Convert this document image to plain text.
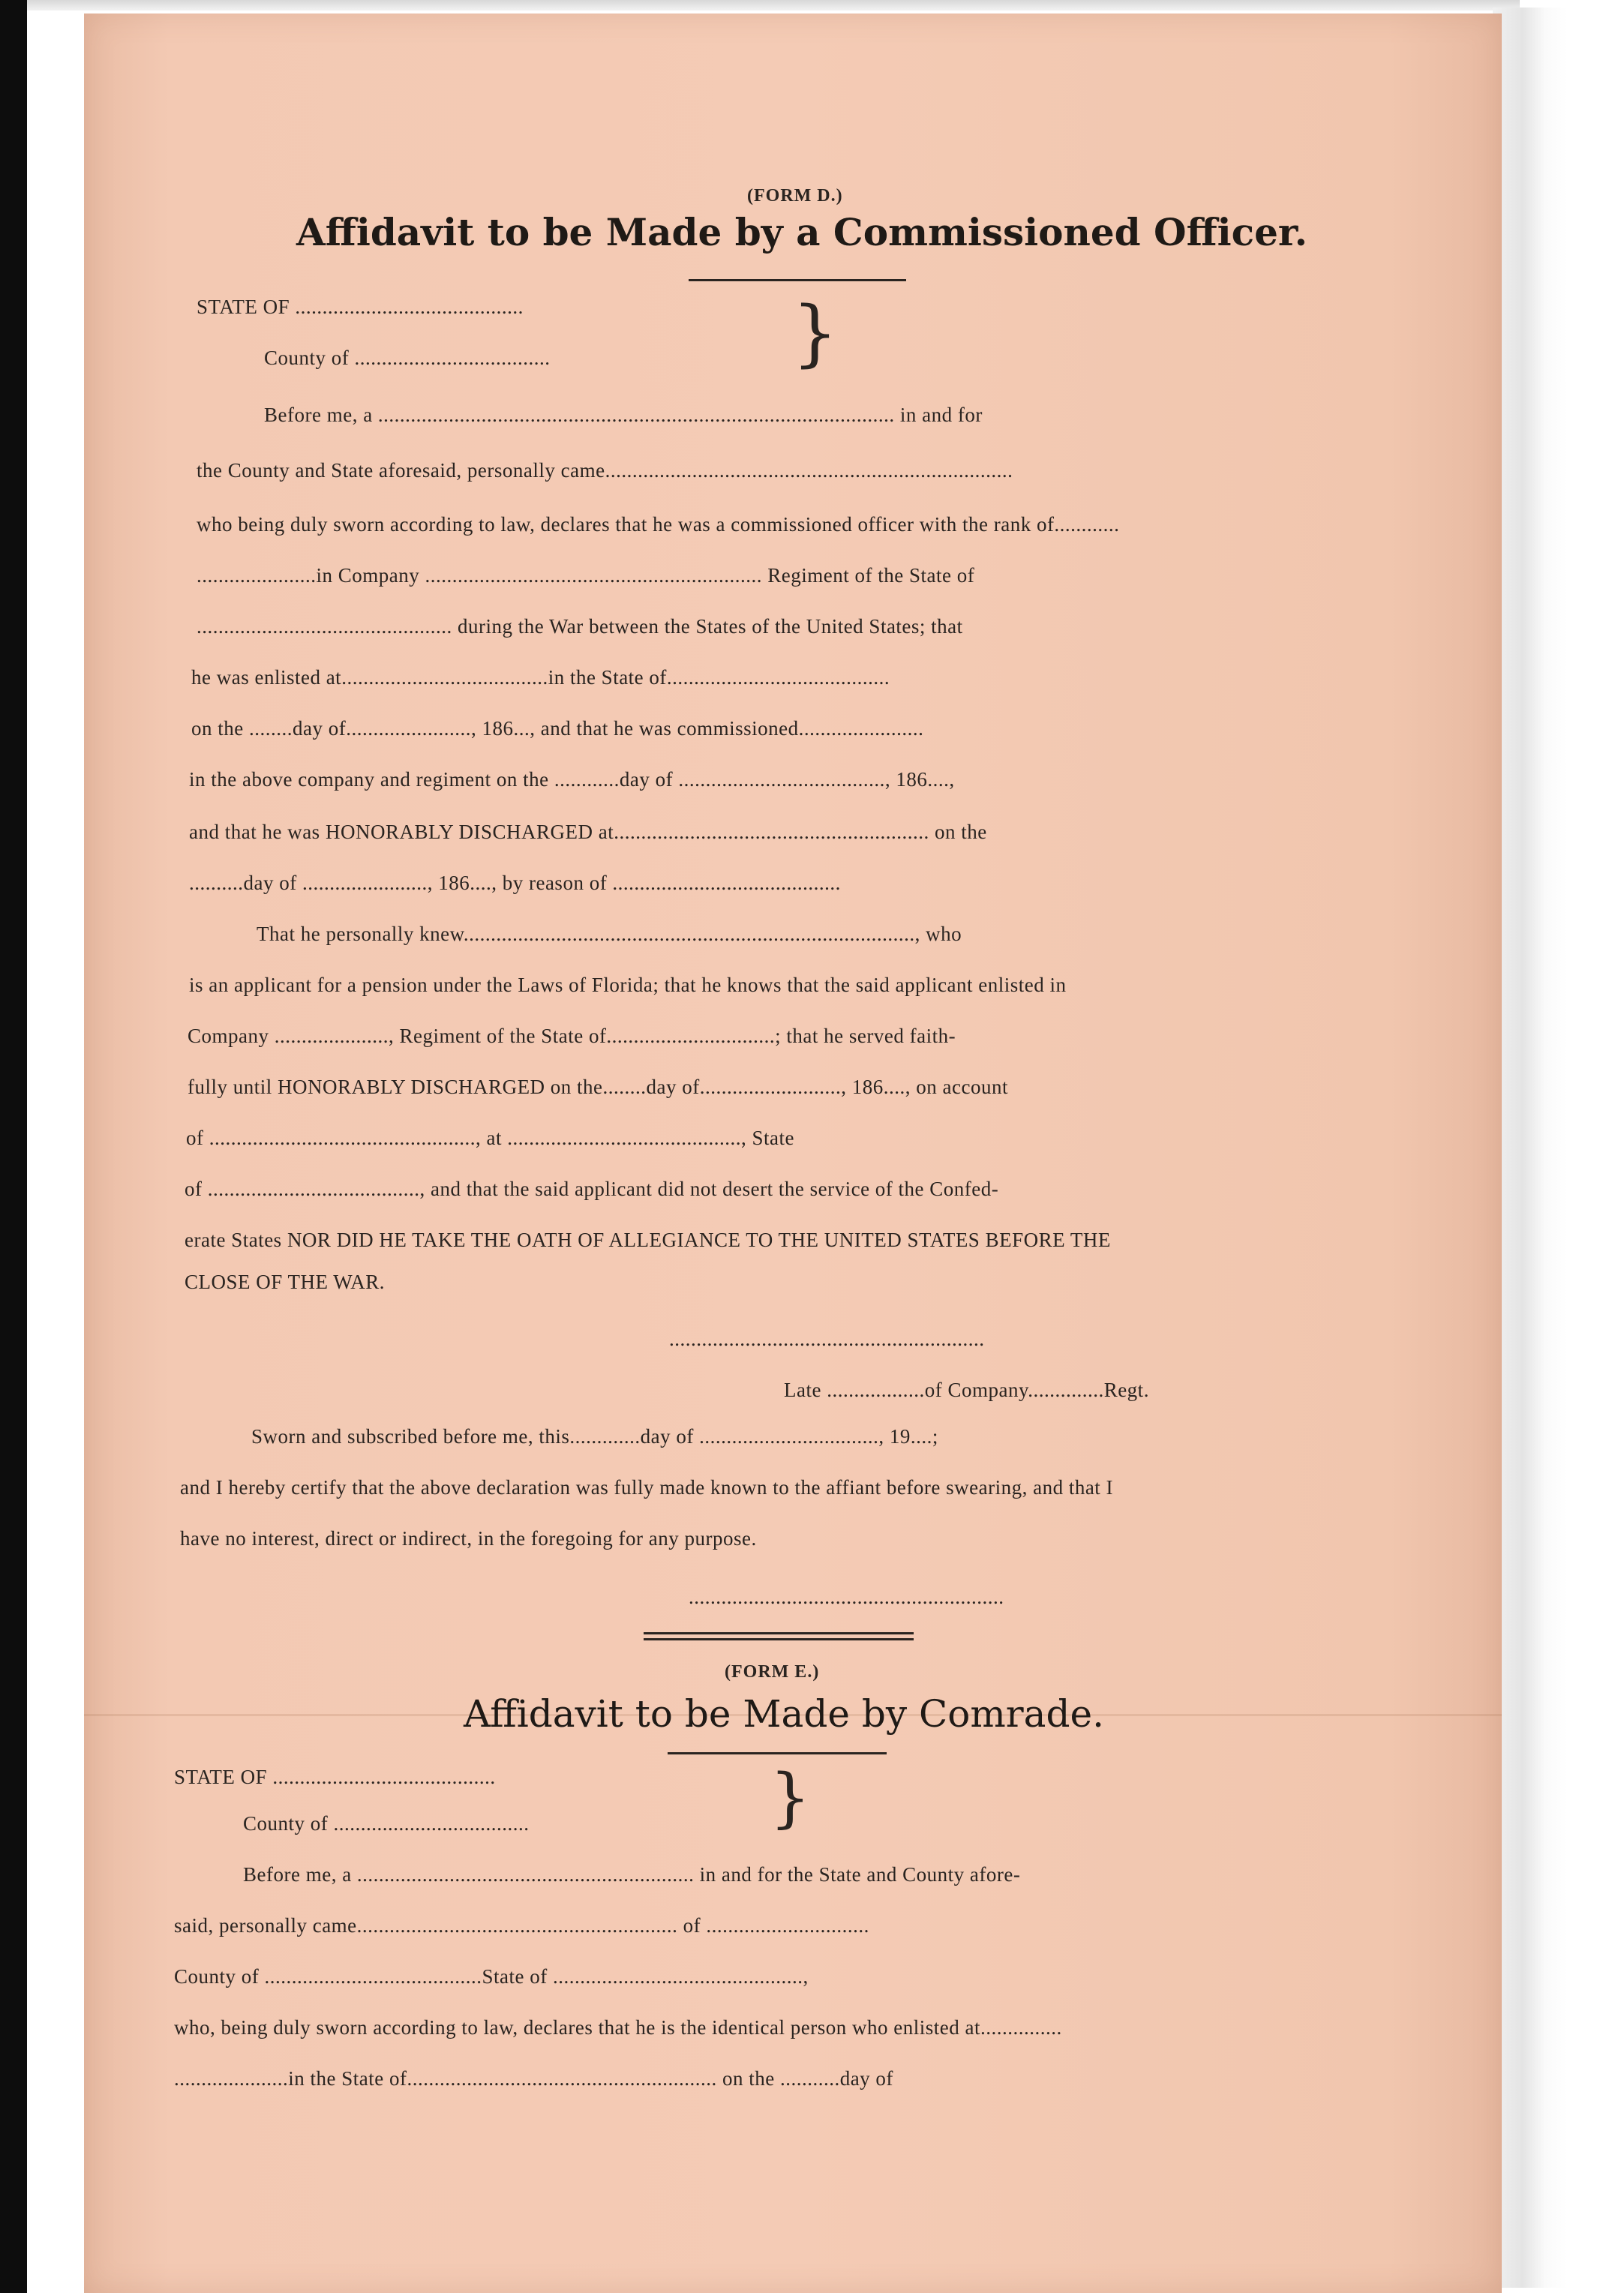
(FORM D.)
Affidavit to be Made by a Commissioned Officer.
STATE OF ..........................................
County of ....................................	}
Before me, a ............................................................................................... in and for
the County and State aforesaid, personally came...........................................................................
who being duly sworn according to law, declares that he was a commissioned officer with the rank of............
......................in Company .............................................................. Regiment of the State of
............................................... during the War between the States of the United States; that
he was enlisted at......................................in the State of.........................................
on the ........day of......................., 186..., and that he was commissioned.......................
in the above company and regiment on the ............day of ......................................, 186....,
and that he was HONORABLY DISCHARGED at.......................................................... on the
..........day of ......................., 186...., by reason of ..........................................
That he personally knew..................................................................................., who
is an applicant for a pension under the Laws of Florida; that he knows that the said applicant enlisted in
Company ....................., Regiment of the State of...............................; that he served faith-
fully until HONORABLY DISCHARGED on the........day of.........................., 186...., on account
of ................................................., at ..........................................., State
of ......................................., and that the said applicant did not desert the service of the Confed-
erate States NOR DID HE TAKE THE OATH OF ALLEGIANCE TO THE UNITED STATES BEFORE THE
CLOSE OF THE WAR.
..........................................................
Late ..................of Company..............Regt.
Sworn and subscribed before me, this.............day of ................................., 19....;
and I hereby certify that the above declaration was fully made known to the affiant before swearing, and that I
have no interest, direct or indirect, in the foregoing for any purpose.
..........................................................
(FORM E.)
Affidavit to be Made by Comrade.
STATE OF .........................................
County of ....................................	}
Before me, a .............................................................. in and for the State and County afore-
said, personally came........................................................... of ..............................
County of ........................................State of ..............................................,
who, being duly sworn according to law, declares that he is the identical person who enlisted at...............
.....................in the State of......................................................... on the ...........day of
